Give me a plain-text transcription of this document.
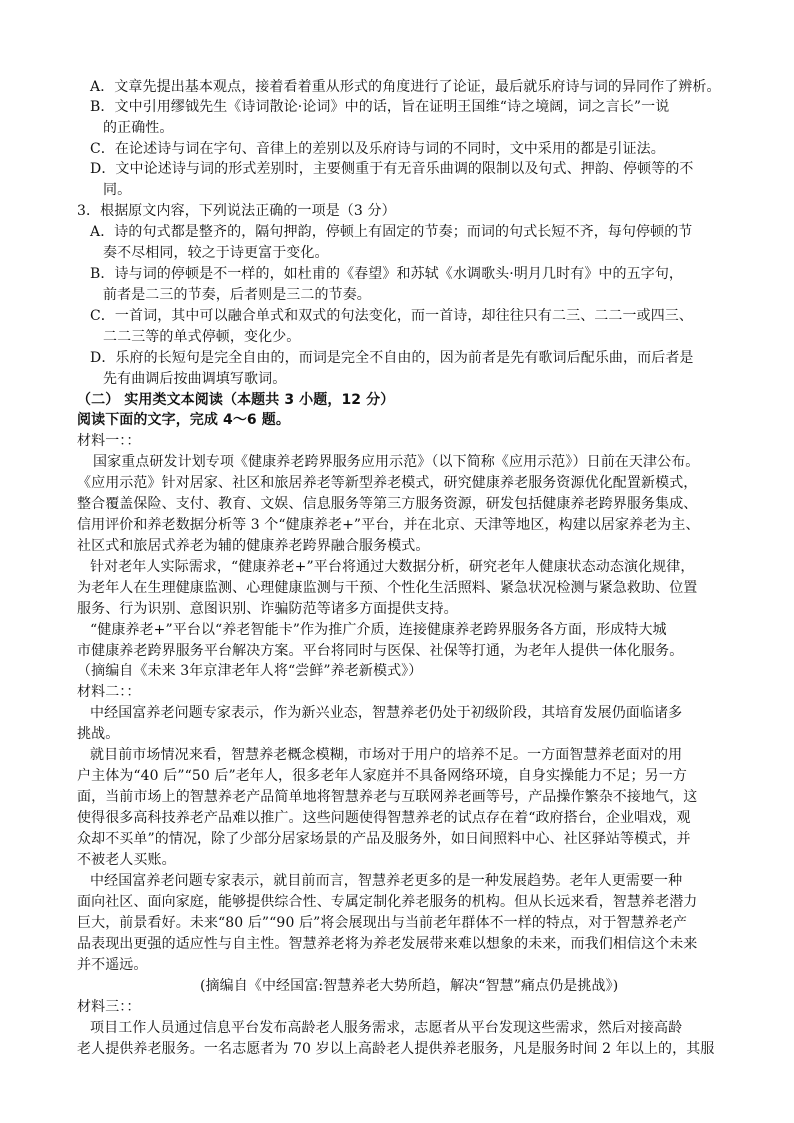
A．文章先提出基本观点，接着看着重从形式的角度进行了论证，最后就乐府诗与词的异同作了辨析。

B．文中引用缪钺先生《诗词散论·论词》中的话，旨在证明王国维“诗之境阔，词之言长”一说

的正确性。

C．在论述诗与词在字句、音律上的差别以及乐府诗与词的不同时，文中采用的都是引证法。

D．文中论述诗与词的形式差别时，主要侧重于有无音乐曲调的限制以及句式、押韵、停顿等的不

同。

3．根据原文内容，下列说法正确的一项是（3 分）

A．诗的句式都是整齐的，隔句押韵，停顿上有固定的节奏；而词的句式长短不齐，每句停顿的节

奏不尽相同，较之于诗更富于变化。

B．诗与词的停顿是不一样的，如杜甫的《春望》和苏轼《水调歌头·明月几时有》中的五字句，

前者是二三的节奏，后者则是三二的节奏。

C．一首词，其中可以融合单式和双式的句法变化，而一首诗，却往往只有二三、二二一或四三、

二二三等的单式停顿，变化少。

D．乐府的长短句是完全自由的，而词是完全不自由的，因为前者是先有歌词后配乐曲，而后者是

先有曲调后按曲调填写歌词。

（二） 实用类文本阅读（本题共 3 小题，12 分）

阅读下面的文字，完成 4～6 题。

材料一：：

国家重点研发计划专项《健康养老跨界服务应用示范》（以下简称《应用示范》）日前在天津公布。

《应用示范》针对居家、社区和旅居养老等新型养老模式，研究健康养老服务资源优化配置新模式，

整合覆盖保险、支付、教育、文娱、信息服务等第三方服务资源，研发包括健康养老跨界服务集成、

信用评价和养老数据分析等 3 个“健康养老+”平台，并在北京、天津等地区，构建以居家养老为主、

社区式和旅居式养老为辅的健康养老跨界融合服务模式。

针对老年人实际需求，“健康养老+”平台将通过大数据分析，研究老年人健康状态动态演化规律，

为老年人在生理健康监测、心理健康监测与干预、个性化生活照料、紧急状况检测与紧急救助、位置

服务、行为识别、意图识别、诈骗防范等诸多方面提供支持。

“健康养老+”平台以“养老智能卡”作为推广介质，连接健康养老跨界服务各方面，形成特大城

市健康养老跨界服务平台解决方案。平台将同时与医保、社保等打通，为老年人提供一体化服务。

（摘编自《未来 3年京津老年人将“尝鲜”养老新模式》）

材料二：：

中经国富养老问题专家表示，作为新兴业态，智慧养老仍处于初级阶段，其培育发展仍面临诸多

挑战。

就目前市场情况来看，智慧养老概念模糊，市场对于用户的培养不足。一方面智慧养老面对的用

户主体为“40 后”“50 后”老年人，很多老年人家庭并不具备网络环境，自身实操能力不足；另一方

面，当前市场上的智慧养老产品简单地将智慧养老与互联网养老画等号，产品操作繁杂不接地气，这

使得很多高科技养老产品难以推广。这些问题使得智慧养老的试点存在着“政府搭台，企业唱戏，观

众却不买单”的情况，除了少部分居家场景的产品及服务外，如日间照料中心、社区驿站等模式，并

不被老人买账。

中经国富养老问题专家表示，就目前而言，智慧养老更多的是一种发展趋势。老年人更需要一种

面向社区、面向家庭，能够提供综合性、专属定制化养老服务的机构。但从长远来看，智慧养老潜力

巨大，前景看好。未来“80 后”“90 后”将会展现出与当前老年群体不一样的特点，对于智慧养老产

品表现出更强的适应性与自主性。智慧养老将为养老发展带来难以想象的未来，而我们相信这个未来

并不遥远。

(摘编自《中经国富:智慧养老大势所趋，解决“智慧”痛点仍是挑战》)

材料三：：

项目工作人员通过信息平台发布高龄老人服务需求，志愿者从平台发现这些需求，然后对接高龄

老人提供养老服务。一名志愿者为 70 岁以上高龄老人提供养老服务，凡是服务时间 2 年以上的，其服
